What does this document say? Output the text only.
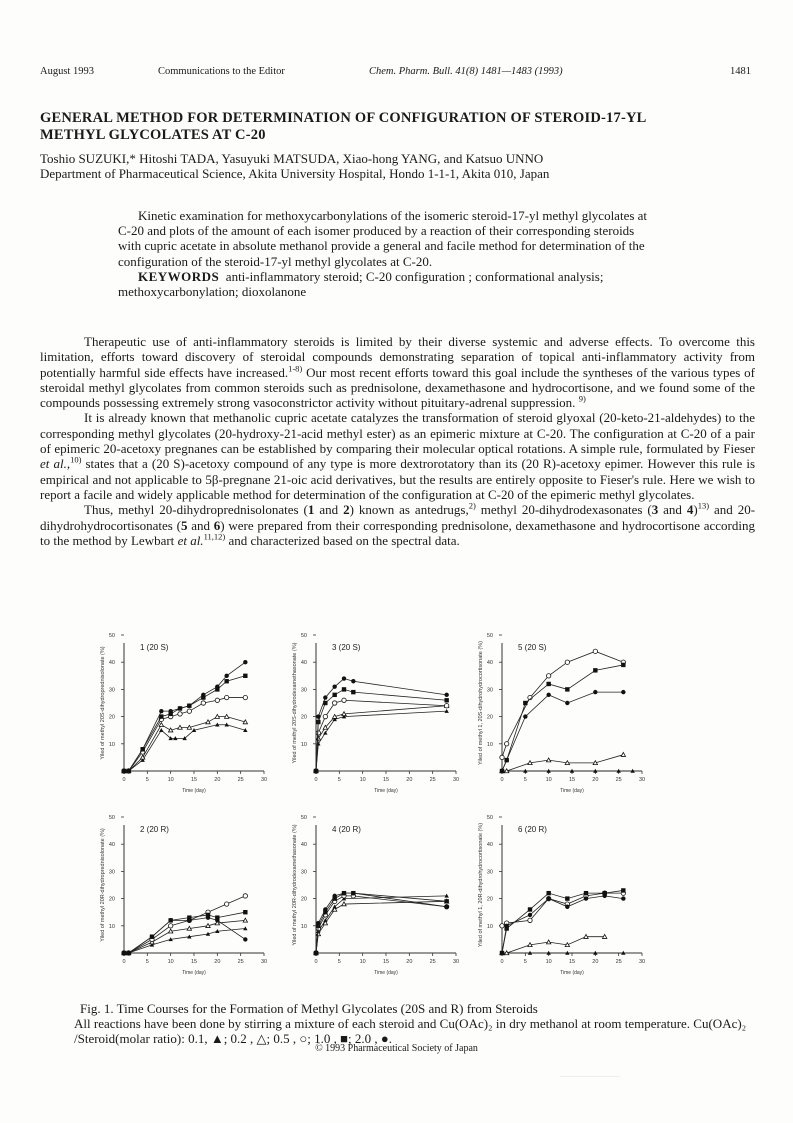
August 1993	Communications to the Editor	Chem. Pharm. Bull. 41(8) 1481—1483 (1993)	1481
GENERAL METHOD FOR DETERMINATION OF CONFIGURATION OF STEROID-17-YL
METHYL GLYCOLATES AT C-20
Toshio SUZUKI,* Hitoshi TADA, Yasuyuki MATSUDA, Xiao-hong YANG, and Katsuo UNNO
Department of Pharmaceutical Science, Akita University Hospital, Hondo 1-1-1, Akita 010, Japan

Kinetic examination for methoxycarbonylations of the isomeric steroid-17-yl methyl glycolates at C-20 and plots of the amount of each isomer produced by a reaction of their corresponding steroids with cupric acetate in absolute methanol provide a general and facile method for determination of the configuration of the steroid-17-yl methyl glycolates at C-20.

KEYWORDS anti-inflammatory steroid; C-20 configuration ; conformational analysis; methoxycarbonylation; dioxolanone

Therapeutic use of anti-inflammatory steroids is limited by their diverse systemic and adverse effects. To overcome this limitation, efforts toward discovery of steroidal compounds demonstrating separation of topical anti-inflammatory activity from potentially harmful side effects have increased.$^{1-8)}$ Our most recent efforts toward this goal include the syntheses of the various types of steroidal methyl glycolates from common steroids such as prednisolone, dexamethasone and hydrocortisone, and we found some of the compounds possessing extremely strong vasoconstrictor activity without pituitary-adrenal suppression. $^{9)}$

It is already known that methanolic cupric acetate catalyzes the transformation of steroid glyoxal (20-keto-21-aldehydes) to the corresponding methyl glycolates (20-hydroxy-21-acid methyl ester) as an epimeric mixture at C-20. The configuration at C-20 of a pair of epimeric 20-acetoxy pregnanes can be established by comparing their molecular optical rotations. A simple rule, formulated by Fieser et al.,$^{10)}$ states that a (20 S)-acetoxy compound of any type is more dextrorotatory than its (20 R)-acetoxy epimer. However this rule is empirical and not applicable to 5β-pregnane 21-oic acid derivatives, but the results are entirely opposite to Fieser's rule. Here we wish to report a facile and widely applicable method for determination of the configuration at C-20 of the epimeric methyl glycolates.

Thus, methyl 20-dihydroprednisolonates (1 and 2) known as antedrugs,$^{2)}$ methyl 20-dihydrodexasonates (3 and 4)$^{13)}$ and 20-dihydrohydrocortisonates (5 and 6) were prepared from their corresponding prednisolone, dexamethasone and hydrocortisone according to the method by Lewbart et al.$^{11,12)}$ and characterized based on the spectral data.

10
20
30
40
50
0	5	10	15	20	25	30
Time (day)
Yiled of methyl 20S-dihydroprednisolonate (%)	1 (20 S)
10
20
30
40
50
0	5	10	15	20	25	30
Time (day)
Yiled of methyl 20S-dihydrodexamethasonate (%)	3 (20 S)
10
20
30
40
50
0	5	10	15	20	25	30
Time (day)
Yiled of methyl 1, 20S-dihydrohydrocortisonate (%)	5 (20 S)
10
20
30
40
50
0	5	10	15	20	25	30
Time (day)
Yiled of methyl 20R-dihydroprednisolonate (%)	2 (20 R)
10
20
30
40
50
0	5	10	15	20	25	30
Time (day)
Yiled of methyl 20R-dihydrodexamethasonate (%)	4 (20 R)
10
20
30
40
50
0	5	10	15	20	25	30
Time (day)
Yiled of methyl 1, 20R-dihydrohydrocortisonate (%)	6 (20 R)
Fig. 1. Time Courses for the Formation of Methyl Glycolates (20S and R) from Steroids
All reactions have been done by stirring a mixture of each steroid and Cu(OAc)₂ in dry methanol at room temperature. Cu(OAc)₂ /Steroid(molar ratio): 0.1, ▲; 0.2 , △; 0.5 , ○; 1.0 , ■; 2.0 , ●.
© 1993 Pharmaceutical Society of Japan
